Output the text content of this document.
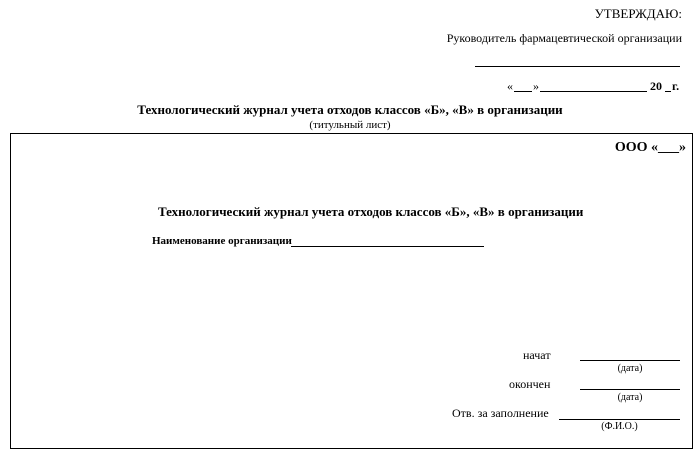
УТВЕРЖДАЮ:
Руководитель фармацевтической организации
« »	20 г.
Технологический журнал учета отходов классов «Б», «В» в организации
(титульный лист)
ООО «___»
Технологический журнал учета отходов классов «Б», «В» в организации
Наименование организации
начат
(дата)
окончен
(дата)
Отв. за заполнение
(Ф.И.О.)
